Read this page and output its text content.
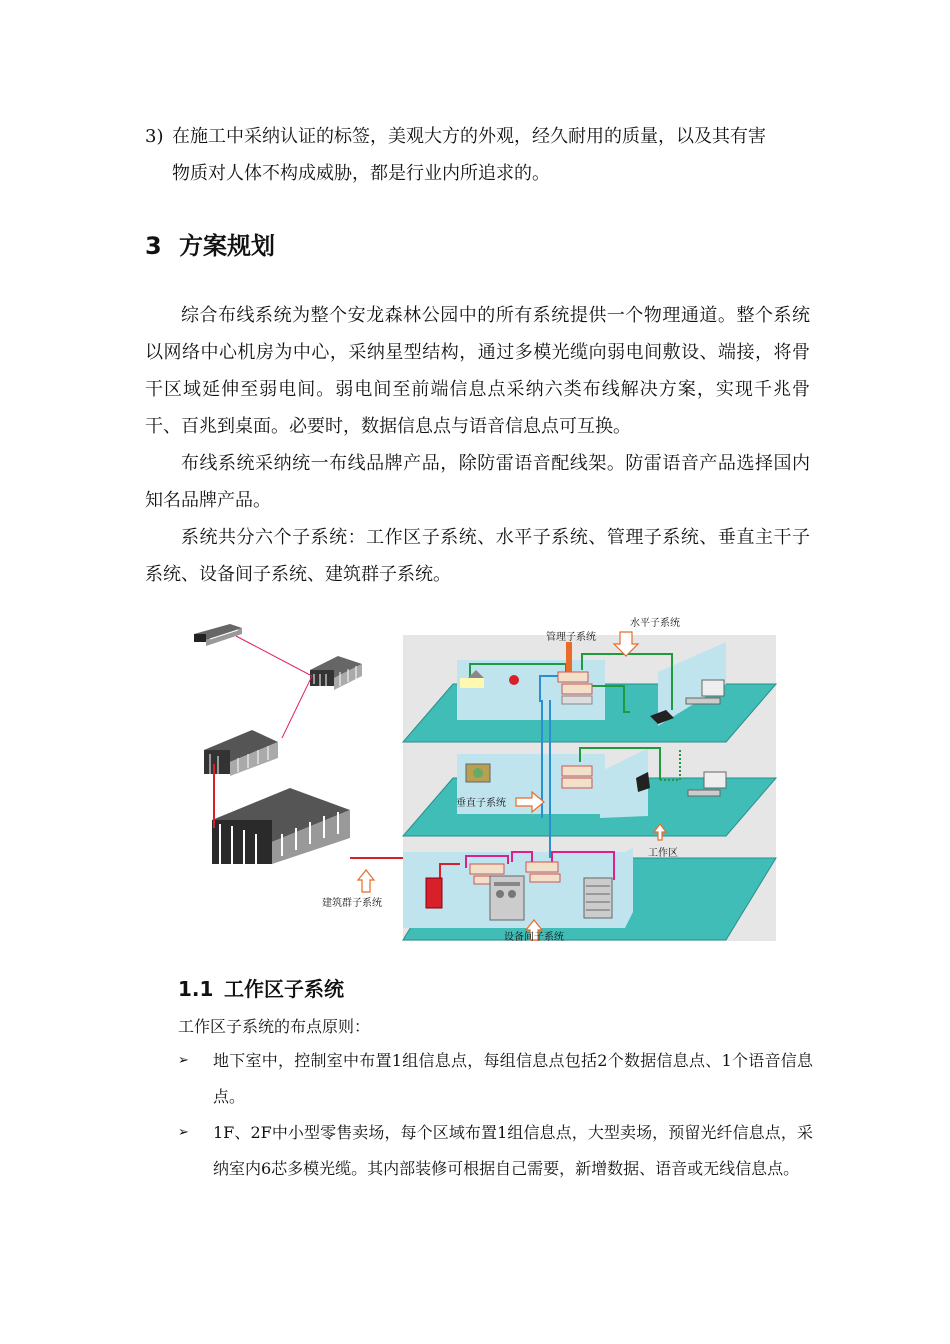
3) 在施工中采纳认证的标签，美观大方的外观，经久耐用的质量，以及其有害
物质对人体不构成威胁，都是行业内所追求的。
3 方案规划

综合布线系统为整个安龙森林公园中的所有系统提供一个物理通道。整个系统以网络中心机房为中心，采纳星型结构，通过多模光缆向弱电间敷设、端接，将骨干区域延伸至弱电间。弱电间至前端信息点采纳六类布线解决方案，实现千兆骨干、百兆到桌面。必要时，数据信息点与语音信息点可互换。

布线系统采纳统一布线品牌产品，除防雷语音配线架。防雷语音产品选择国内知名品牌产品。

系统共分六个子系统：工作区子系统、水平子系统、管理子系统、垂直主干子系统、设备间子系统、建筑群子系统。

管理子系统
水平子系统
垂直子系统
工作区
建筑群子系统
设备间子系统
1.1 工作区子系统
工作区子系统的布点原则：
➢ 地下室中，控制室中布置1组信息点，每组信息点包括2个数据信息点、1个语音信息点。

➢ 1F、2F中小型零售卖场，每个区域布置1组信息点，大型卖场，预留光纤信息点，采纳室内6芯多模光缆。其内部装修可根据自己需要，新增数据、语音或无线信息点。
